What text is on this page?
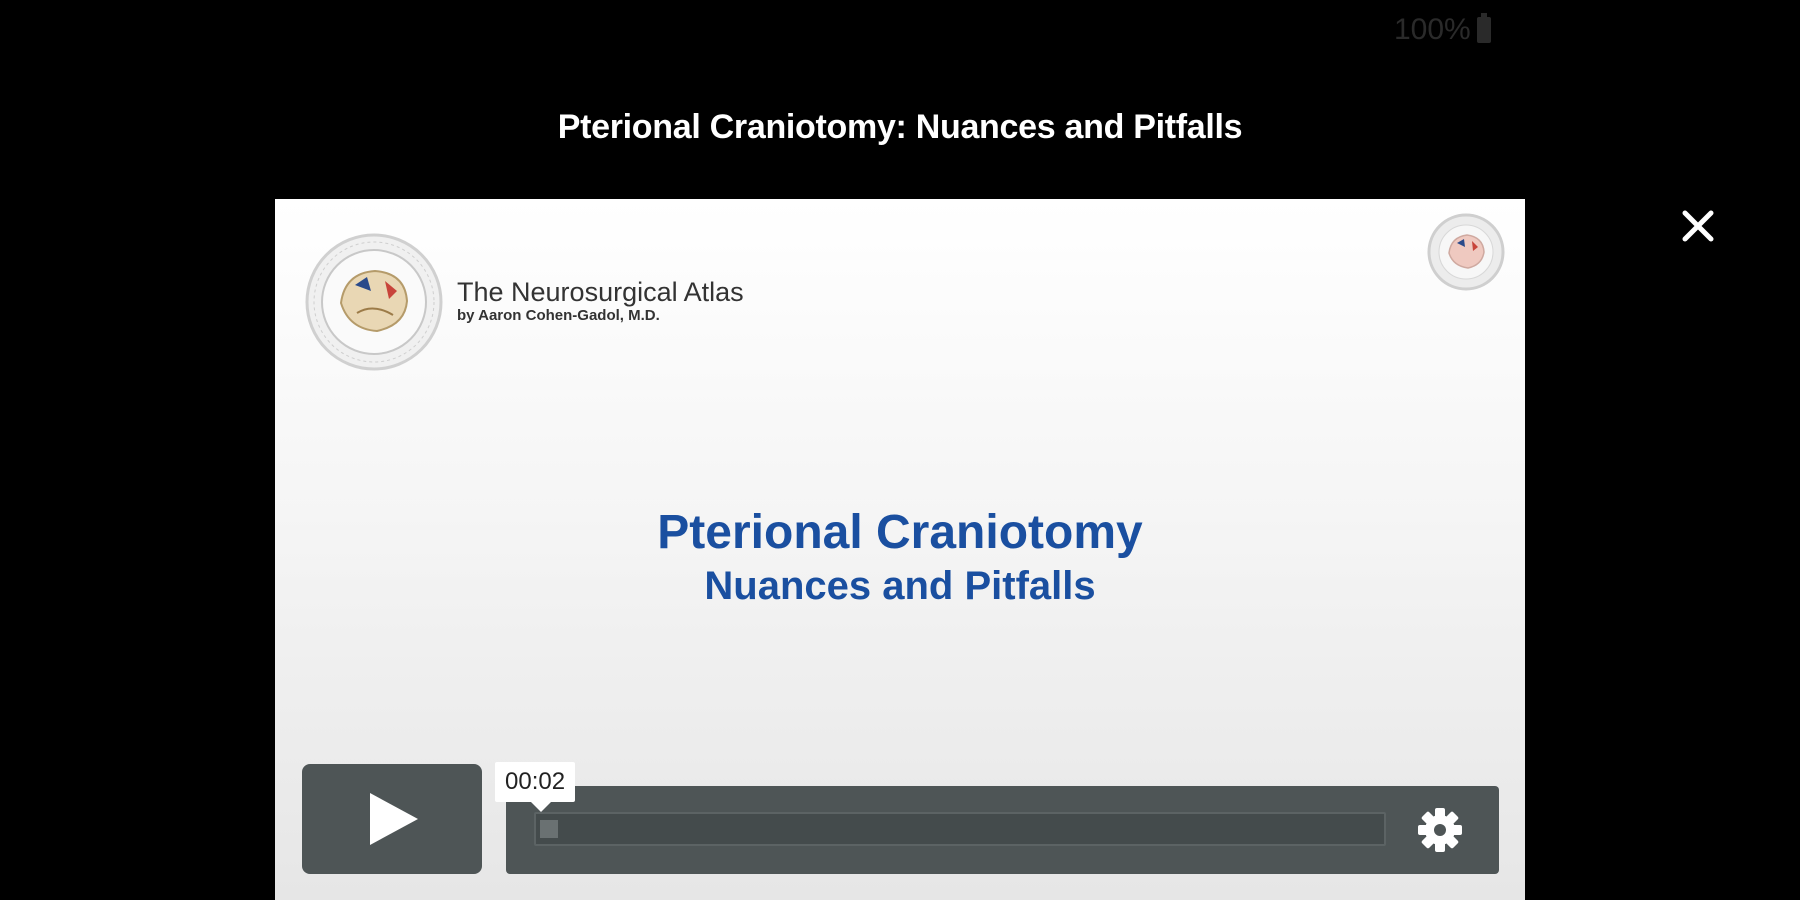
100%
Pterional Craniotomy: Nuances and Pitfalls
The Neurosurgical Atlas
by Aaron Cohen-Gadol, M.D.
Pterional Craniotomy
Nuances and Pitfalls
00:02
